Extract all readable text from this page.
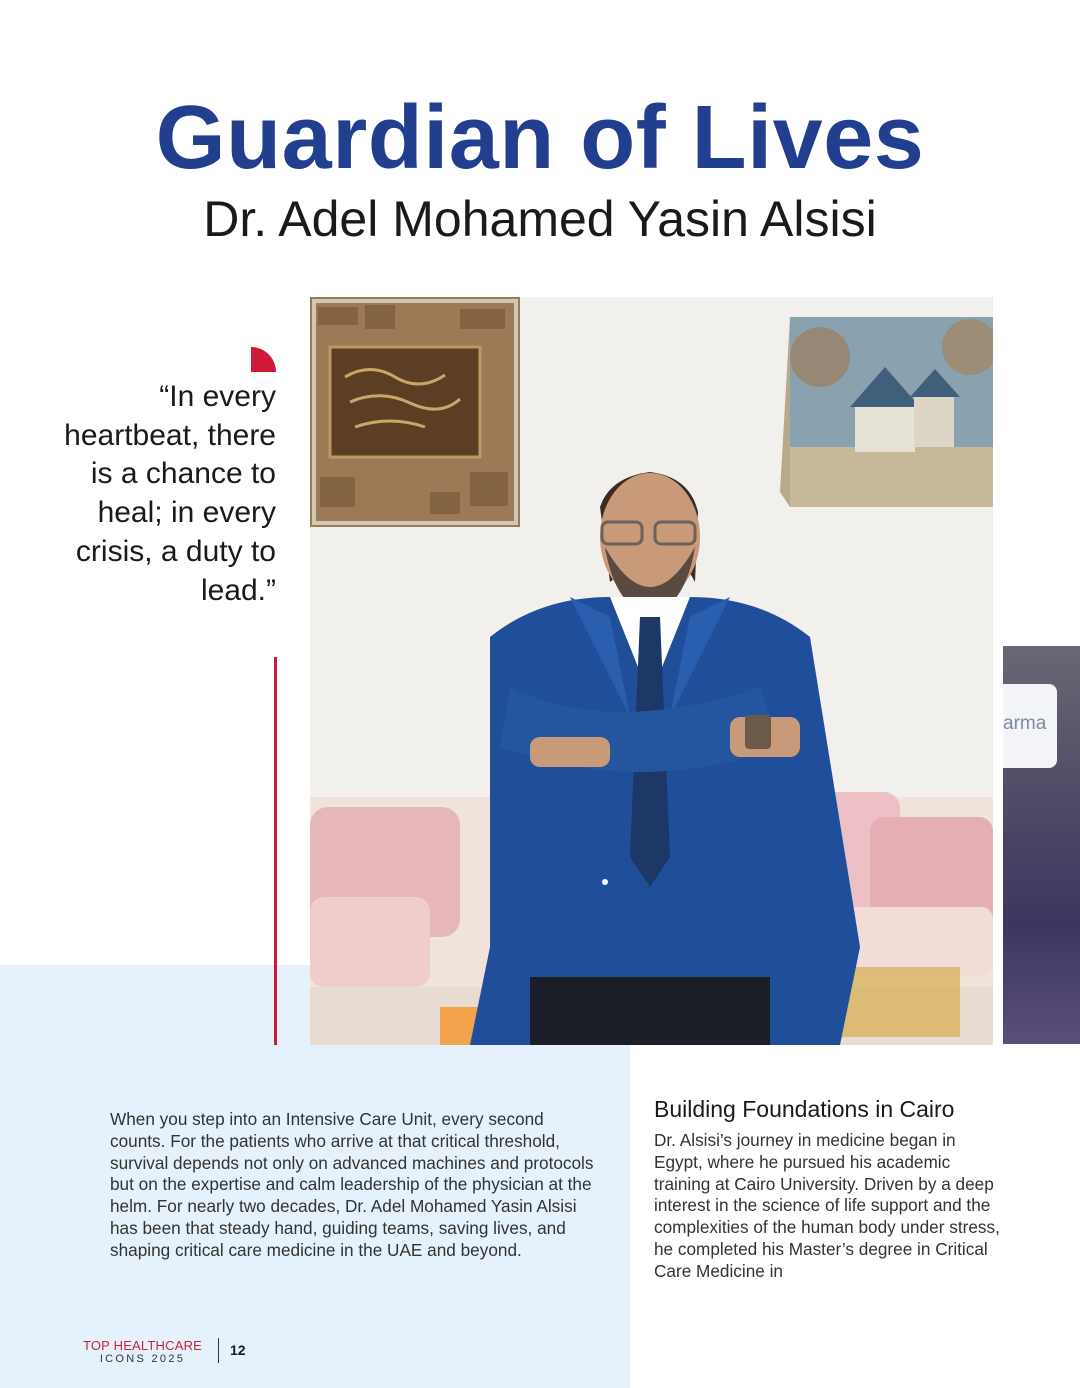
Guardian of Lives
Dr. Adel Mohamed Yasin Alsisi

“In every heartbeat, there is a chance to heal; in every crisis, a duty to lead.”

arma

When you step into an Intensive Care Unit, every second counts. For the patients who arrive at that critical threshold, survival depends not only on advanced machines and protocols but on the expertise and calm leadership of the physician at the helm. For nearly two decades, Dr. Adel Mohamed Yasin Alsisi has been that steady hand, guiding teams, saving lives, and shaping critical care medicine in the UAE and beyond.

Building Foundations in Cairo

Dr. Alsisi’s journey in medicine began in Egypt, where he pursued his academic training at Cairo University. Driven by a deep interest in the science of life support and the complexities of the human body under stress, he completed his Master’s degree in Critical Care Medicine in

TOP HEALTHCARE
ICONS 2025
12
